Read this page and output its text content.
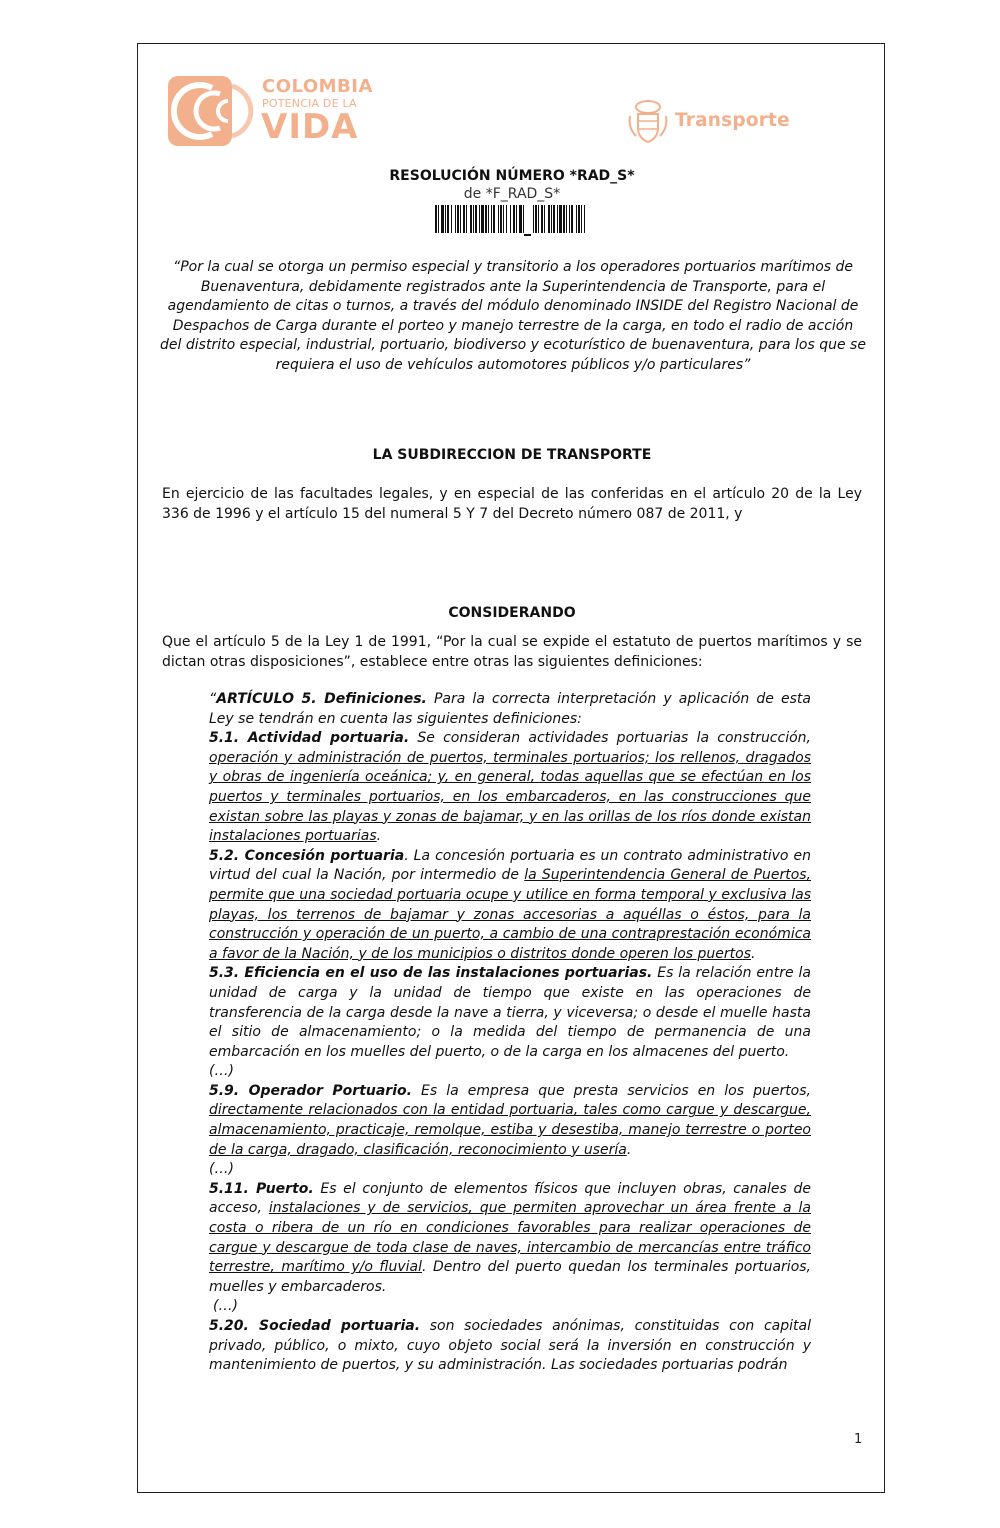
COLOMBIA
POTENCIA DE LA
VIDA	Transporte
RESOLUCIÓN NÚMERO *RAD_S*
de *F_RAD_S*
“Por la cual se otorga un permiso especial y transitorio a los operadores portuarios marítimos de Buenaventura, debidamente registrados ante la Superintendencia de Transporte, para el agendamiento de citas o turnos, a través del módulo denominado INSIDE del Registro Nacional de Despachos de Carga durante el porteo y manejo terrestre de la carga, en todo el radio de acción del distrito especial, industrial, portuario, biodiverso y ecoturístico de buenaventura, para los que se requiera el uso de vehículos automotores públicos y/o particulares”
LA SUBDIRECCION DE TRANSPORTE
En ejercicio de las facultades legales, y en especial de las conferidas en el artículo 20 de la Ley 336 de 1996 y el artículo 15 del numeral 5 Y 7 del Decreto número 087 de 2011, y
CONSIDERANDO
Que el artículo 5 de la Ley 1 de 1991, “Por la cual se expide el estatuto de puertos marítimos y se dictan otras disposiciones”, establece entre otras las siguientes definiciones:

“ARTÍCULO 5. Definiciones. Para la correcta interpretación y aplicación de esta Ley se tendrán en cuenta las siguientes definiciones:

5.1. Actividad portuaria. Se consideran actividades portuarias la construcción, operación y administración de puertos, terminales portuarios; los rellenos, dragados y obras de ingeniería oceánica; y, en general, todas aquellas que se efectúan en los puertos y terminales portuarios, en los embarcaderos, en las construcciones que existan sobre las playas y zonas de bajamar, y en las orillas de los ríos donde existan instalaciones portuarias.

5.2. Concesión portuaria. La concesión portuaria es un contrato administrativo en virtud del cual la Nación, por intermedio de la Superintendencia General de Puertos, permite que una sociedad portuaria ocupe y utilice en forma temporal y exclusiva las playas, los terrenos de bajamar y zonas accesorias a aquéllas o éstos, para la construcción y operación de un puerto, a cambio de una contraprestación económica a favor de la Nación, y de los municipios o distritos donde operen los puertos.

5.3. Eficiencia en el uso de las instalaciones portuarias. Es la relación entre la unidad de carga y la unidad de tiempo que existe en las operaciones de transferencia de la carga desde la nave a tierra, y viceversa; o desde el muelle hasta el sitio de almacenamiento; o la medida del tiempo de permanencia de una embarcación en los muelles del puerto, o de la carga en los almacenes del puerto.

(…)

5.9. Operador Portuario. Es la empresa que presta servicios en los puertos, directamente relacionados con la entidad portuaria, tales como cargue y descargue, almacenamiento, practicaje, remolque, estiba y desestiba, manejo terrestre o porteo de la carga, dragado, clasificación, reconocimiento y usería.

(…)

5.11. Puerto. Es el conjunto de elementos físicos que incluyen obras, canales de acceso, instalaciones y de servicios, que permiten aprovechar un área frente a la costa o ribera de un río en condiciones favorables para realizar operaciones de cargue y descargue de toda clase de naves, intercambio de mercancías entre tráfico terrestre, marítimo y/o fluvial. Dentro del puerto quedan los terminales portuarios, muelles y embarcaderos.

(…)

5.20. Sociedad portuaria. son sociedades anónimas, constituidas con capital privado, público, o mixto, cuyo objeto social será la inversión en construcción y mantenimiento de puertos, y su administración. Las sociedades portuarias podrán

1
